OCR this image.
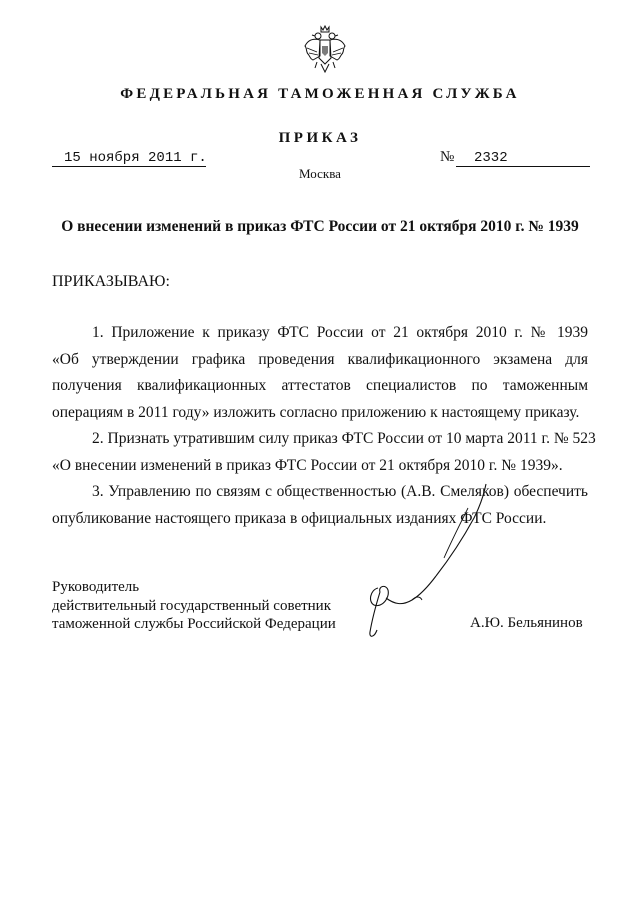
ФЕДЕРАЛЬНАЯ ТАМОЖЕННАЯ СЛУЖБА
ПРИКАЗ
15 ноября 2011 г.	№ 2332
Москва
О внесении изменений в приказ ФТС России от 21 октября 2010 г. № 1939
ПРИКАЗЫВАЮ:
1. Приложение к приказу ФТС России от 21 октября 2010 г. № 1939
«Об утверждении графика проведения квалификационного экзамена для
получения квалификационных аттестатов специалистов по таможенным
операциям в 2011 году» изложить согласно приложению к настоящему приказу.
2. Признать утратившим силу приказ ФТС России от 10 марта 2011 г. № 523
«О внесении изменений в приказ ФТС России от 21 октября 2010 г. № 1939».
3. Управлению по связям с общественностью (А.В. Смеляков) обеспечить
опубликование настоящего приказа в официальных изданиях ФТС России.
Руководитель
действительный государственный советник
таможенной службы Российской Федерации	А.Ю. Бельянинов
